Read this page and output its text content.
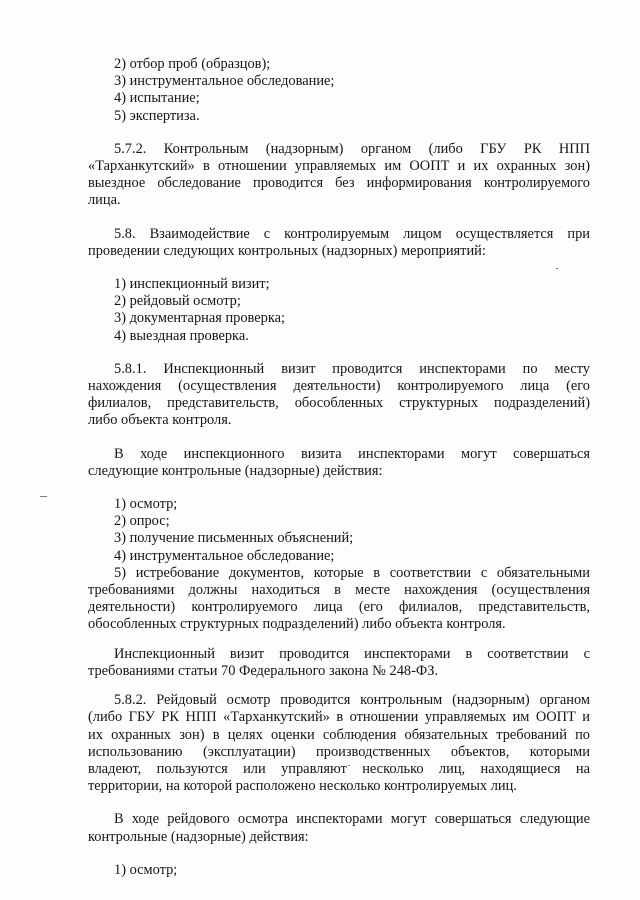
2) отбор проб (образцов);

3) инструментальное обследование;

4) испытание;

5) экспертиза.

5.7.2. Контрольным (надзорным) органом (либо ГБУ РК НПП

«Тарханкутский» в отношении управляемых им ООПТ и их охранных зон)

выездное обследование проводится без информирования контролируемого

лица.

5.8. Взаимодействие с контролируемым лицом осуществляется при

проведении следующих контрольных (надзорных) мероприятий:

1) инспекционный визит;

2) рейдовый осмотр;

3) документарная проверка;

4) выездная проверка.

5.8.1. Инспекционный визит проводится инспекторами по месту

нахождения (осуществления деятельности) контролируемого лица (его

филиалов, представительств, обособленных структурных подразделений)

либо объекта контроля.

В ходе инспекционного визита инспекторами могут совершаться

следующие контрольные (надзорные) действия:

1) осмотр;

2) опрос;

3) получение письменных объяснений;

4) инструментальное обследование;

5) истребование документов, которые в соответствии с обязательными

требованиями должны находиться в месте нахождения (осуществления

деятельности) контролируемого лица (его филиалов, представительств,

обособленных структурных подразделений) либо объекта контроля.

Инспекционный визит проводится инспекторами в соответствии с

требованиями статьи 70 Федерального закона № 248-ФЗ.

5.8.2. Рейдовый осмотр проводится контрольным (надзорным) органом

(либо ГБУ РК НПП «Тарханкутский» в отношении управляемых им ООПТ и

их охранных зон) в целях оценки соблюдения обязательных требований по

использованию (эксплуатации) производственных объектов, которыми

владеют, пользуются или управляют несколько лиц, находящиеся на

территории, на которой расположено несколько контролируемых лиц.

В ходе рейдового осмотра инспекторами могут совершаться следующие

контрольные (надзорные) действия:

1) осмотр;
